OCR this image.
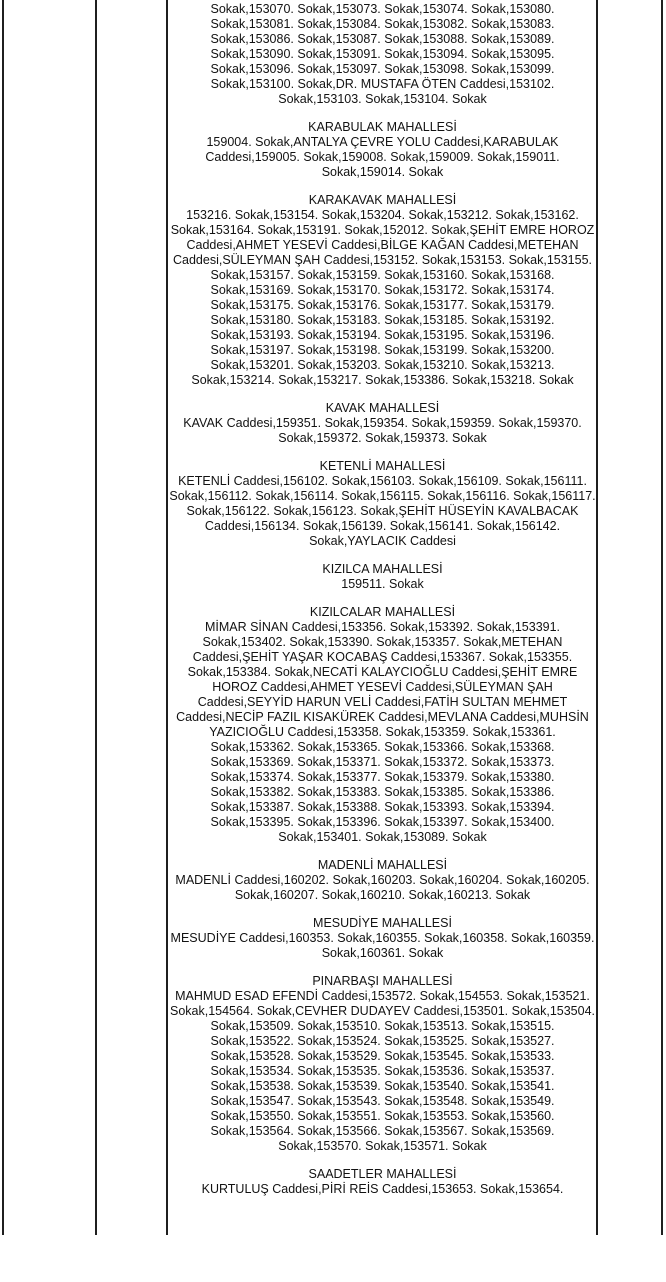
Sokak,153070. Sokak,153073. Sokak,153074. Sokak,153080. Sokak,153081. Sokak,153084. Sokak,153082. Sokak,153083. Sokak,153086. Sokak,153087. Sokak,153088. Sokak,153089. Sokak,153090. Sokak,153091. Sokak,153094. Sokak,153095. Sokak,153096. Sokak,153097. Sokak,153098. Sokak,153099. Sokak,153100. Sokak,DR. MUSTAFA ÖTEN Caddesi,153102. Sokak,153103. Sokak,153104. Sokak

KARABULAK MAHALLESİ

159004. Sokak,ANTALYA ÇEVRE YOLU Caddesi,KARABULAK Caddesi,159005. Sokak,159008. Sokak,159009. Sokak,159011. Sokak,159014. Sokak

KARAKAVAK MAHALLESİ

153216. Sokak,153154. Sokak,153204. Sokak,153212. Sokak,153162. Sokak,153164. Sokak,153191. Sokak,152012. Sokak,ŞEHİT EMRE HOROZ Caddesi,AHMET YESEVİ Caddesi,BİLGE KAĞAN Caddesi,METEHAN Caddesi,SÜLEYMAN ŞAH Caddesi,153152. Sokak,153153. Sokak,153155. Sokak,153157. Sokak,153159. Sokak,153160. Sokak,153168. Sokak,153169. Sokak,153170. Sokak,153172. Sokak,153174. Sokak,153175. Sokak,153176. Sokak,153177. Sokak,153179. Sokak,153180. Sokak,153183. Sokak,153185. Sokak,153192. Sokak,153193. Sokak,153194. Sokak,153195. Sokak,153196. Sokak,153197. Sokak,153198. Sokak,153199. Sokak,153200. Sokak,153201. Sokak,153203. Sokak,153210. Sokak,153213. Sokak,153214. Sokak,153217. Sokak,153386. Sokak,153218. Sokak

KAVAK MAHALLESİ

KAVAK Caddesi,159351. Sokak,159354. Sokak,159359. Sokak,159370. Sokak,159372. Sokak,159373. Sokak

KETENLİ MAHALLESİ

KETENLİ Caddesi,156102. Sokak,156103. Sokak,156109. Sokak,156111. Sokak,156112. Sokak,156114. Sokak,156115. Sokak,156116. Sokak,156117. Sokak,156122. Sokak,156123. Sokak,ŞEHİT HÜSEYİN KAVALBACAK Caddesi,156134. Sokak,156139. Sokak,156141. Sokak,156142. Sokak,YAYLACIK Caddesi

KIZILCA MAHALLESİ

159511. Sokak

KIZILCALAR MAHALLESİ

MİMAR SİNAN Caddesi,153356. Sokak,153392. Sokak,153391. Sokak,153402. Sokak,153390. Sokak,153357. Sokak,METEHAN Caddesi,ŞEHİT YAŞAR KOCABAŞ Caddesi,153367. Sokak,153355. Sokak,153384. Sokak,NECATİ KALAYCIOĞLU Caddesi,ŞEHİT EMRE HOROZ Caddesi,AHMET YESEVİ Caddesi,SÜLEYMAN ŞAH Caddesi,SEYYİD HARUN VELİ Caddesi,FATİH SULTAN MEHMET Caddesi,NECİP FAZIL KISAKÜREK Caddesi,MEVLANA Caddesi,MUHSİN YAZICIOĞLU Caddesi,153358. Sokak,153359. Sokak,153361. Sokak,153362. Sokak,153365. Sokak,153366. Sokak,153368. Sokak,153369. Sokak,153371. Sokak,153372. Sokak,153373. Sokak,153374. Sokak,153377. Sokak,153379. Sokak,153380. Sokak,153382. Sokak,153383. Sokak,153385. Sokak,153386. Sokak,153387. Sokak,153388. Sokak,153393. Sokak,153394. Sokak,153395. Sokak,153396. Sokak,153397. Sokak,153400. Sokak,153401. Sokak,153089. Sokak

MADENLİ MAHALLESİ

MADENLİ Caddesi,160202. Sokak,160203. Sokak,160204. Sokak,160205. Sokak,160207. Sokak,160210. Sokak,160213. Sokak

MESUDİYE MAHALLESİ

MESUDİYE Caddesi,160353. Sokak,160355. Sokak,160358. Sokak,160359. Sokak,160361. Sokak

PINARBAŞI MAHALLESİ

MAHMUD ESAD EFENDİ Caddesi,153572. Sokak,154553. Sokak,153521. Sokak,154564. Sokak,CEVHER DUDAYEV Caddesi,153501. Sokak,153504. Sokak,153509. Sokak,153510. Sokak,153513. Sokak,153515. Sokak,153522. Sokak,153524. Sokak,153525. Sokak,153527. Sokak,153528. Sokak,153529. Sokak,153545. Sokak,153533. Sokak,153534. Sokak,153535. Sokak,153536. Sokak,153537. Sokak,153538. Sokak,153539. Sokak,153540. Sokak,153541. Sokak,153547. Sokak,153543. Sokak,153548. Sokak,153549. Sokak,153550. Sokak,153551. Sokak,153553. Sokak,153560. Sokak,153564. Sokak,153566. Sokak,153567. Sokak,153569. Sokak,153570. Sokak,153571. Sokak

SAADETLER MAHALLESİ

KURTULUŞ Caddesi,PİRİ REİS Caddesi,153653. Sokak,153654.
